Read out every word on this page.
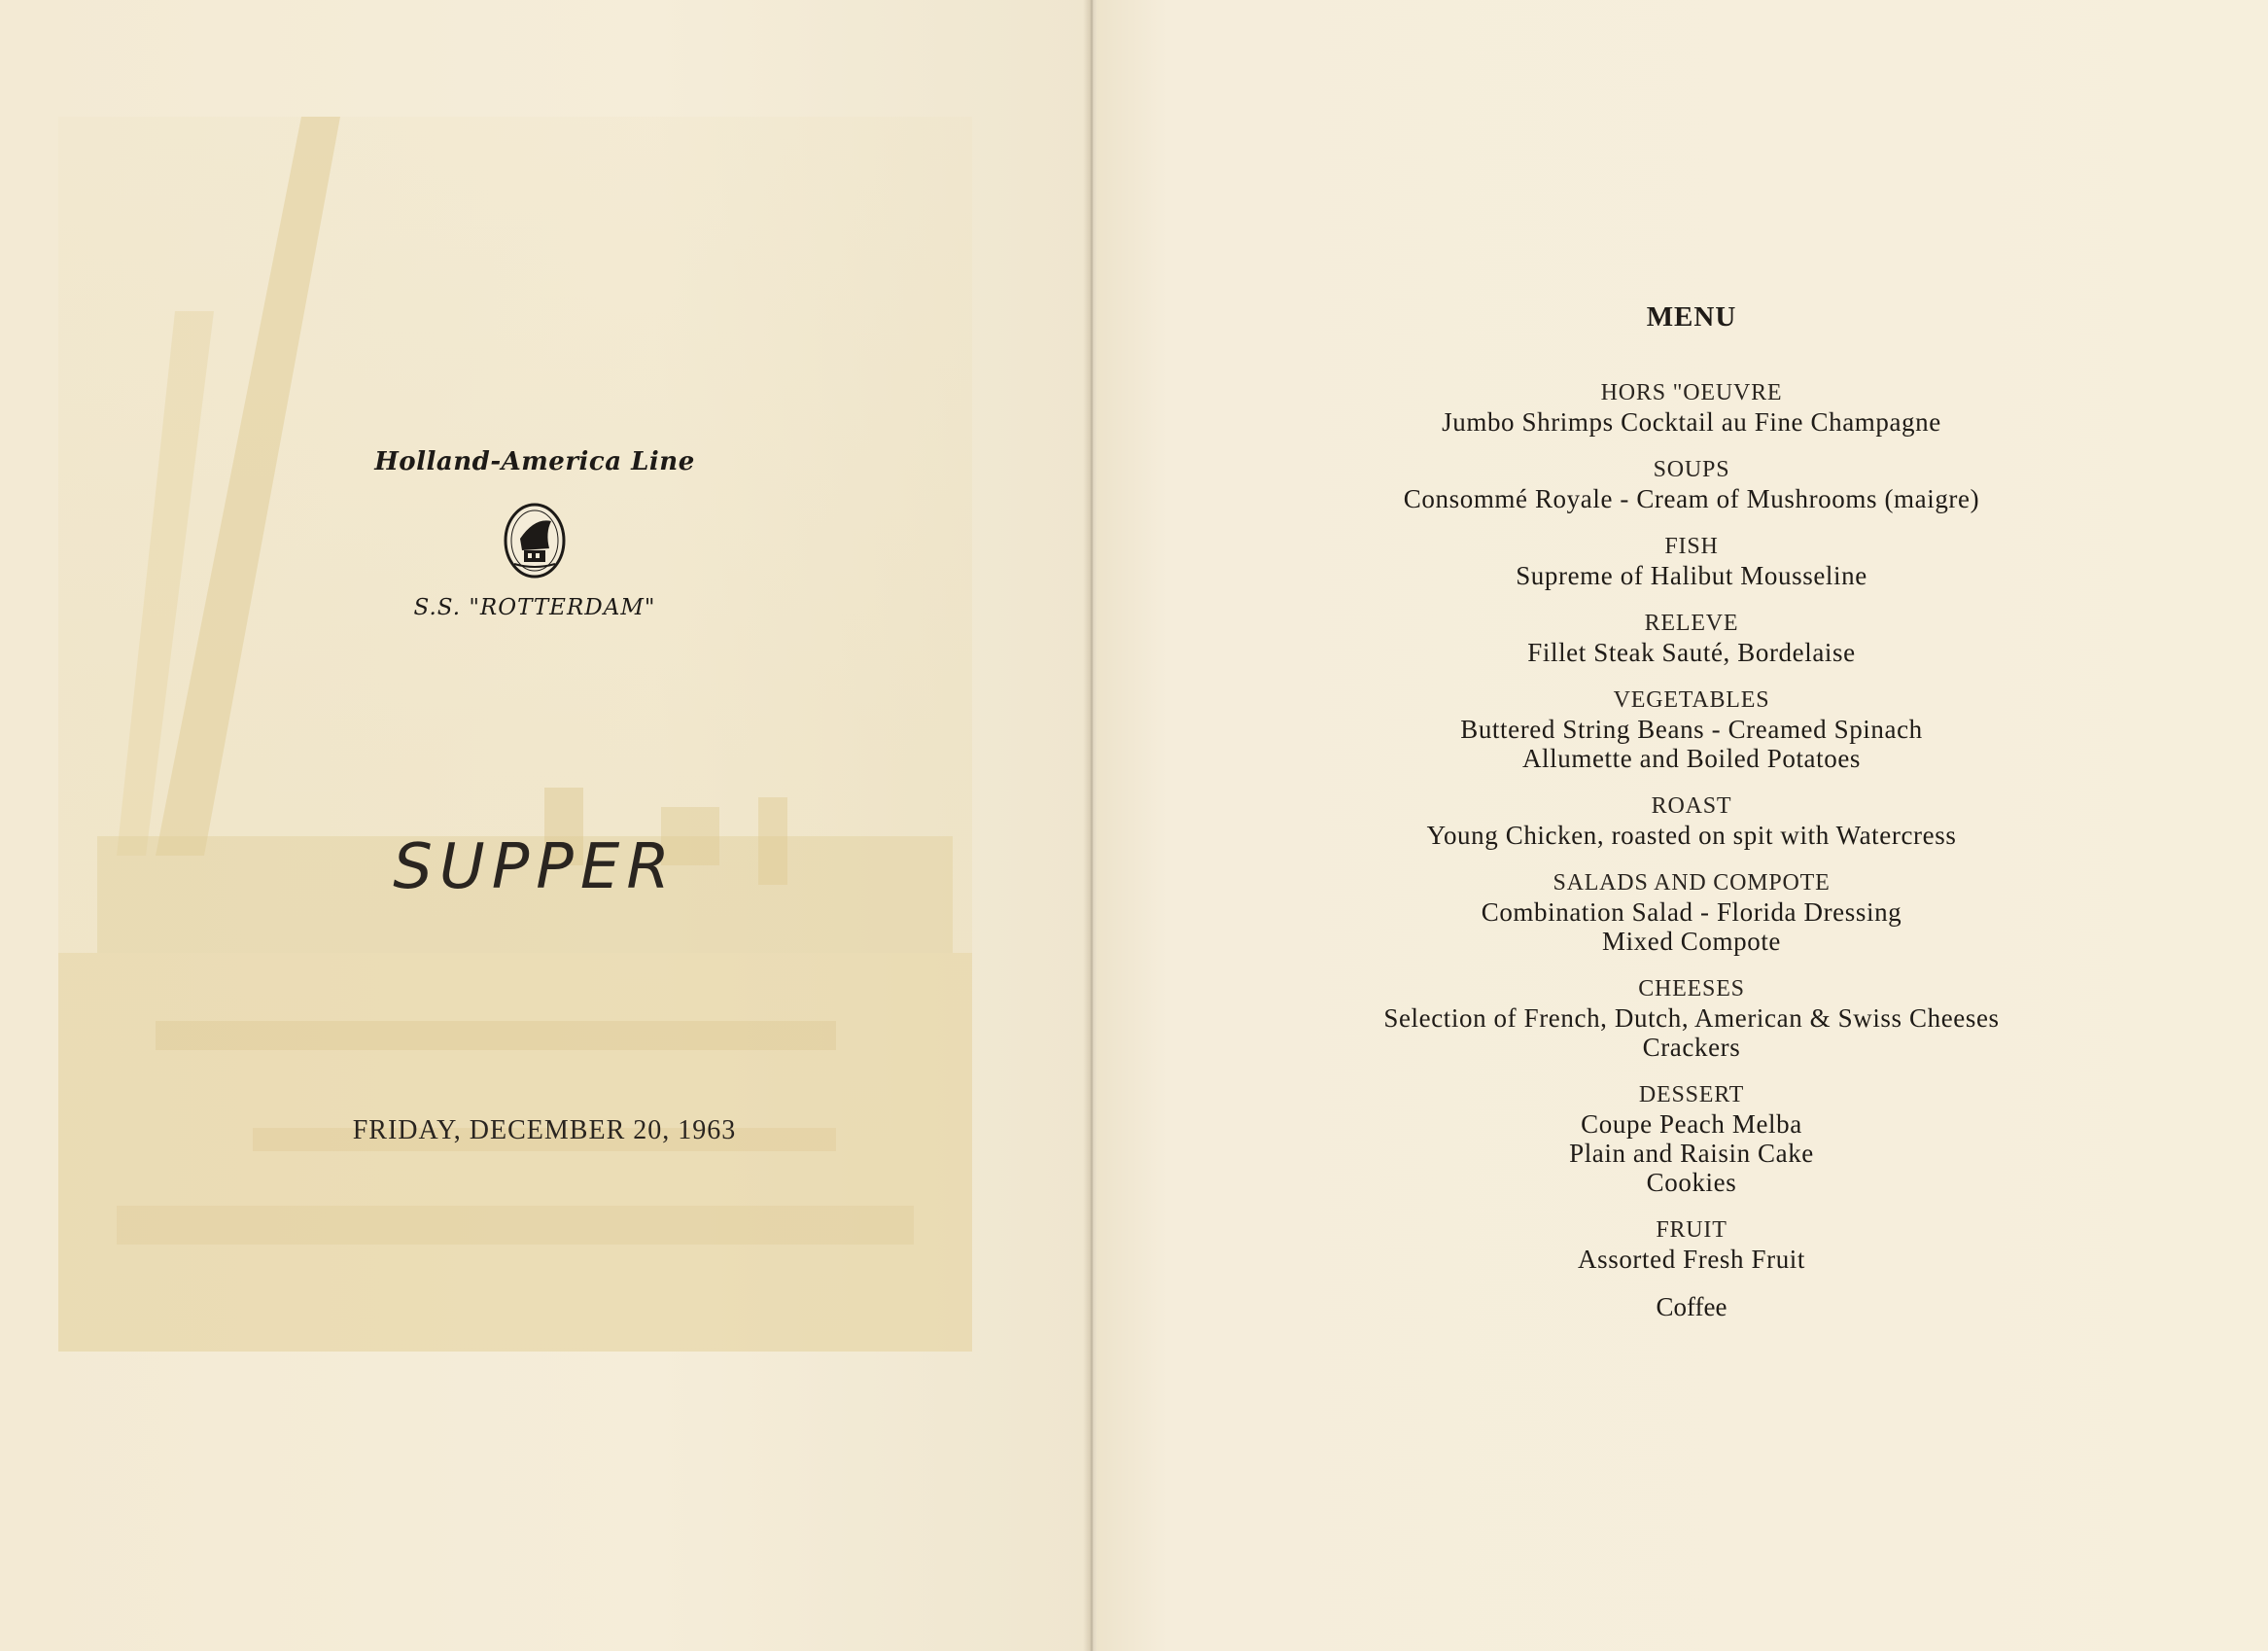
Holland-America Line
S.S. "ROTTERDAM"
SUPPER
FRIDAY, DECEMBER 20, 1963
MENU
HORS "OEUVRE
Jumbo Shrimps Cocktail au Fine Champagne
SOUPS
Consommé Royale - Cream of Mushrooms (maigre)
FISH
Supreme of Halibut Mousseline
RELEVE
Fillet Steak Sauté, Bordelaise
VEGETABLES
Buttered String Beans - Creamed Spinach
Allumette and Boiled Potatoes
ROAST
Young Chicken, roasted on spit with Watercress
SALADS AND COMPOTE
Combination Salad - Florida Dressing
Mixed Compote
CHEESES
Selection of French, Dutch, American & Swiss Cheeses
Crackers
DESSERT
Coupe Peach Melba
Plain and Raisin Cake
Cookies
FRUIT
Assorted Fresh Fruit
Coffee
